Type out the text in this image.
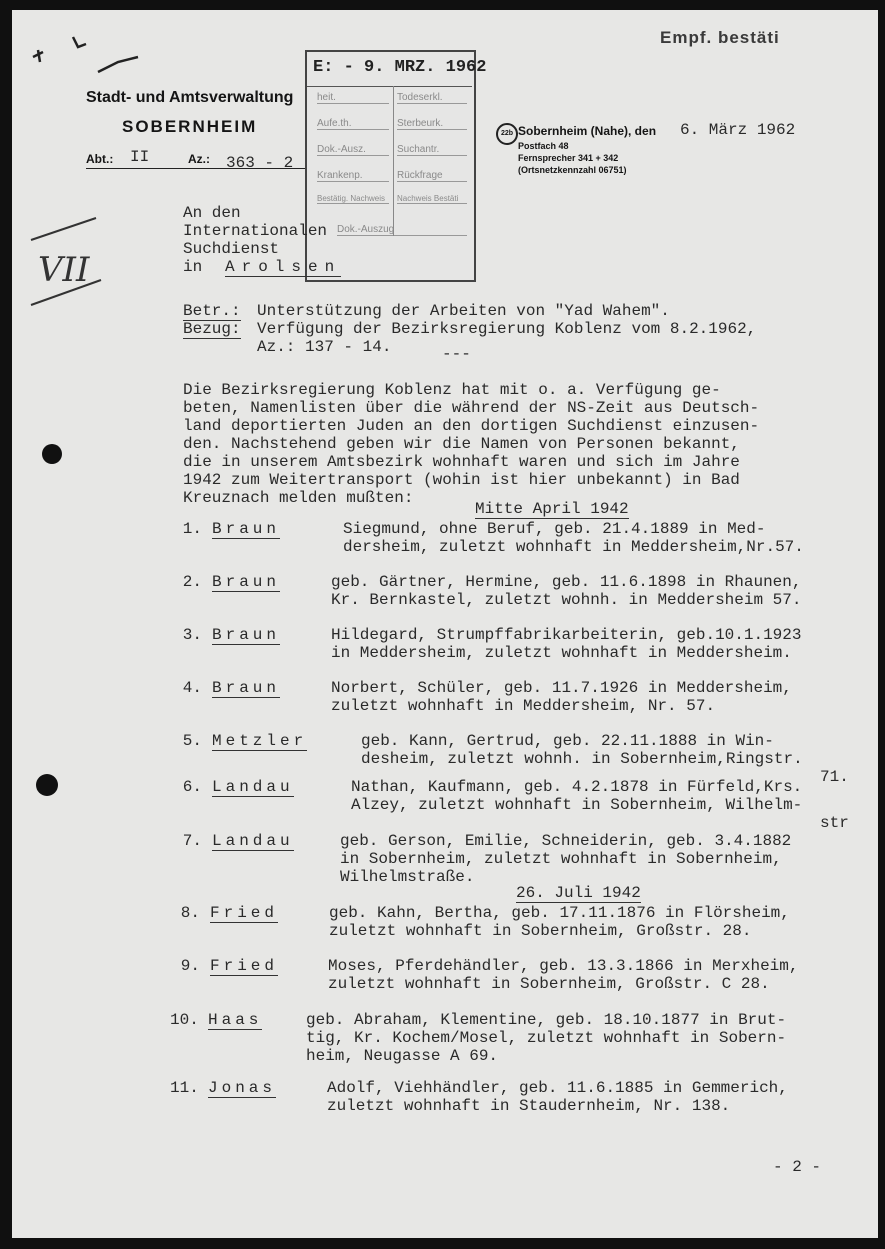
Empf. bestäti
VII
Stadt- und Amtsverwaltung
SOBERNHEIM
Abt.: II	Az.: 363 - 2
22b Sobernheim (Nahe), den 6. März 1962
Postfach 48
Fernsprecher 341 + 342
(Ortsnetzkennzahl 06751)
E: - 9. MRZ. 1962
heit.	Todeserkl.
Aufe.th.	Sterbeurk.
Dok.-Ausz.	Suchantr.
Krankenp.	Rückfrage
Bestätig. Nachweis	Nachweis Bestäti
Dok.-Auszug
An den
Internationalen
Suchdienst
in Arolsen
Betr.: Unterstützung der Arbeiten von "Yad Wahem".
Bezug: Verfügung der Bezirksregierung Koblenz vom 8.2.1962,
Az.: 137 - 14.	---
Die Bezirksregierung Koblenz hat mit o. a. Verfügung ge-
beten, Namenlisten über die während der NS-Zeit aus Deutsch-
land deportierten Juden an den dortigen Suchdienst einzusen-
den. Nachstehend geben wir die Namen von Personen bekannt,
die in unserem Amtsbezirk wohnhaft waren und sich im Jahre
1942 zum Weitertransport (wohin ist hier unbekannt) in Bad
Kreuznach melden mußten:
Mitte April 1942
26. Juli 1942
1. Braun	Siegmund, ohne Beruf, geb. 21.4.1889 in Med-
dersheim, zuletzt wohnhaft in Meddersheim,Nr.57.
2. Braun	geb. Gärtner, Hermine, geb. 11.6.1898 in Rhaunen,
Kr. Bernkastel, zuletzt wohnh. in Meddersheim 57.
3. Braun	Hildegard, Strumpffabrikarbeiterin, geb.10.1.1923
in Meddersheim, zuletzt wohnhaft in Meddersheim.
4. Braun	Norbert, Schüler, geb. 11.7.1926 in Meddersheim,
zuletzt wohnhaft in Meddersheim, Nr. 57.
5. Metzler	geb. Kann, Gertrud, geb. 22.11.1888 in Win-
desheim, zuletzt wohnh. in Sobernheim,Ringstr.
71.
6. Landau	Nathan, Kaufmann, geb. 4.2.1878 in Fürfeld,Krs.
Alzey, zuletzt wohnhaft in Sobernheim, Wilhelm-
str
7. Landau	geb. Gerson, Emilie, Schneiderin, geb. 3.4.1882
in Sobernheim, zuletzt wohnhaft in Sobernheim,
Wilhelmstraße.
8. Fried	geb. Kahn, Bertha, geb. 17.11.1876 in Flörsheim,
zuletzt wohnhaft in Sobernheim, Großstr. 28.
9. Fried	Moses, Pferdehändler, geb. 13.3.1866 in Merxheim,
zuletzt wohnhaft in Sobernheim, Großstr. C 28.
10. Haas	geb. Abraham, Klementine, geb. 18.10.1877 in Brut-
tig, Kr. Kochem/Mosel, zuletzt wohnhaft in Sobern-
heim, Neugasse A 69.
11. Jonas	Adolf, Viehhändler, geb. 11.6.1885 in Gemmerich,
zuletzt wohnhaft in Staudernheim, Nr. 138.
- 2 -
